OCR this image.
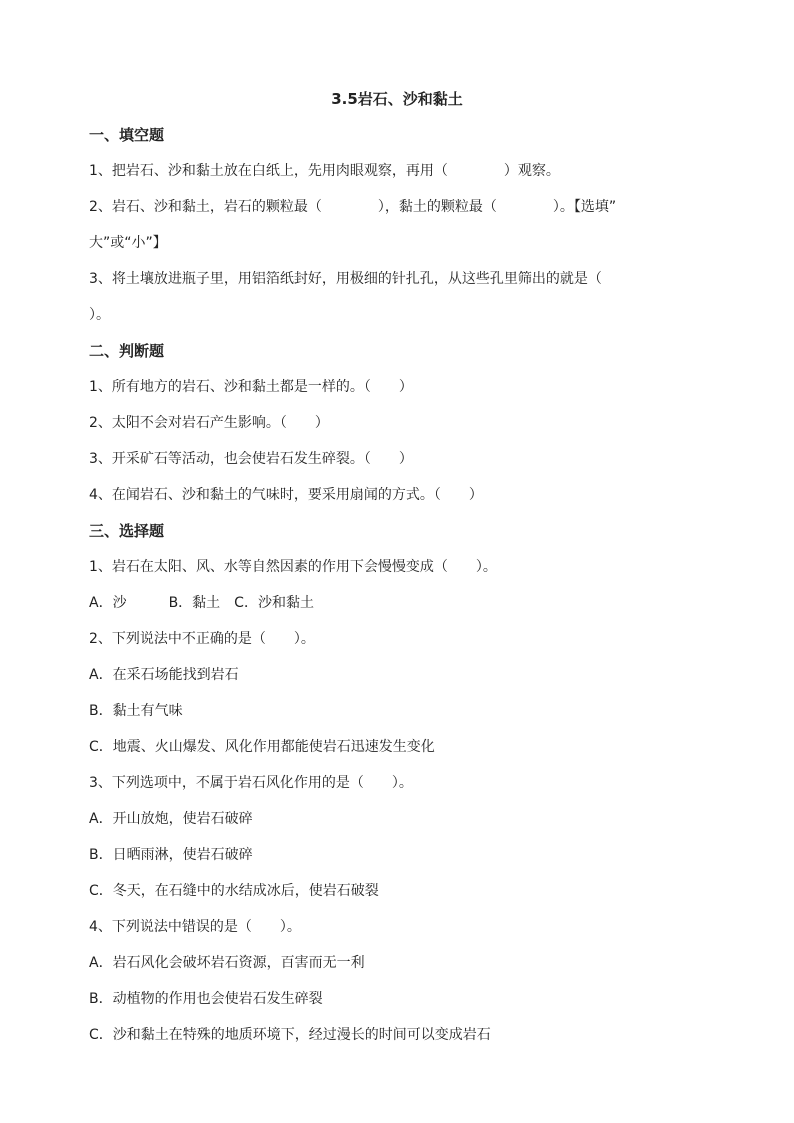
3.5岩石、沙和黏土
一、填空题
1、把岩石、沙和黏土放在白纸上，先用肉眼观察，再用（　　　　）观察。
2、岩石、沙和黏土，岩石的颗粒最（　　　　），黏土的颗粒最（　　　　）。【选填”
大”或“小”】
3、将土壤放进瓶子里，用铝箔纸封好，用极细的针扎孔，从这些孔里筛出的就是（
）。
二、判断题
1、所有地方的岩石、沙和黏土都是一样的。（　　）
2、太阳不会对岩石产生影响。（　　）
3、开采矿石等活动，也会使岩石发生碎裂。（　　）
4、在闻岩石、沙和黏土的气味时，要采用扇闻的方式。（　　）
三、选择题
1、岩石在太阳、风、水等自然因素的作用下会慢慢变成（　　）。
A．沙　　　B．黏土　C．沙和黏土
2、下列说法中不正确的是（　　）。
A．在采石场能找到岩石
B．黏土有气味
C．地震、火山爆发、风化作用都能使岩石迅速发生变化
3、下列选项中，不属于岩石风化作用的是（　　）。
A．开山放炮，使岩石破碎
B．日晒雨淋，使岩石破碎
C．冬天，在石缝中的水结成冰后，使岩石破裂
4、下列说法中错误的是（　　）。
A．岩石风化会破坏岩石资源，百害而无一利
B．动植物的作用也会使岩石发生碎裂
C．沙和黏土在特殊的地质环境下，经过漫长的时间可以变成岩石
